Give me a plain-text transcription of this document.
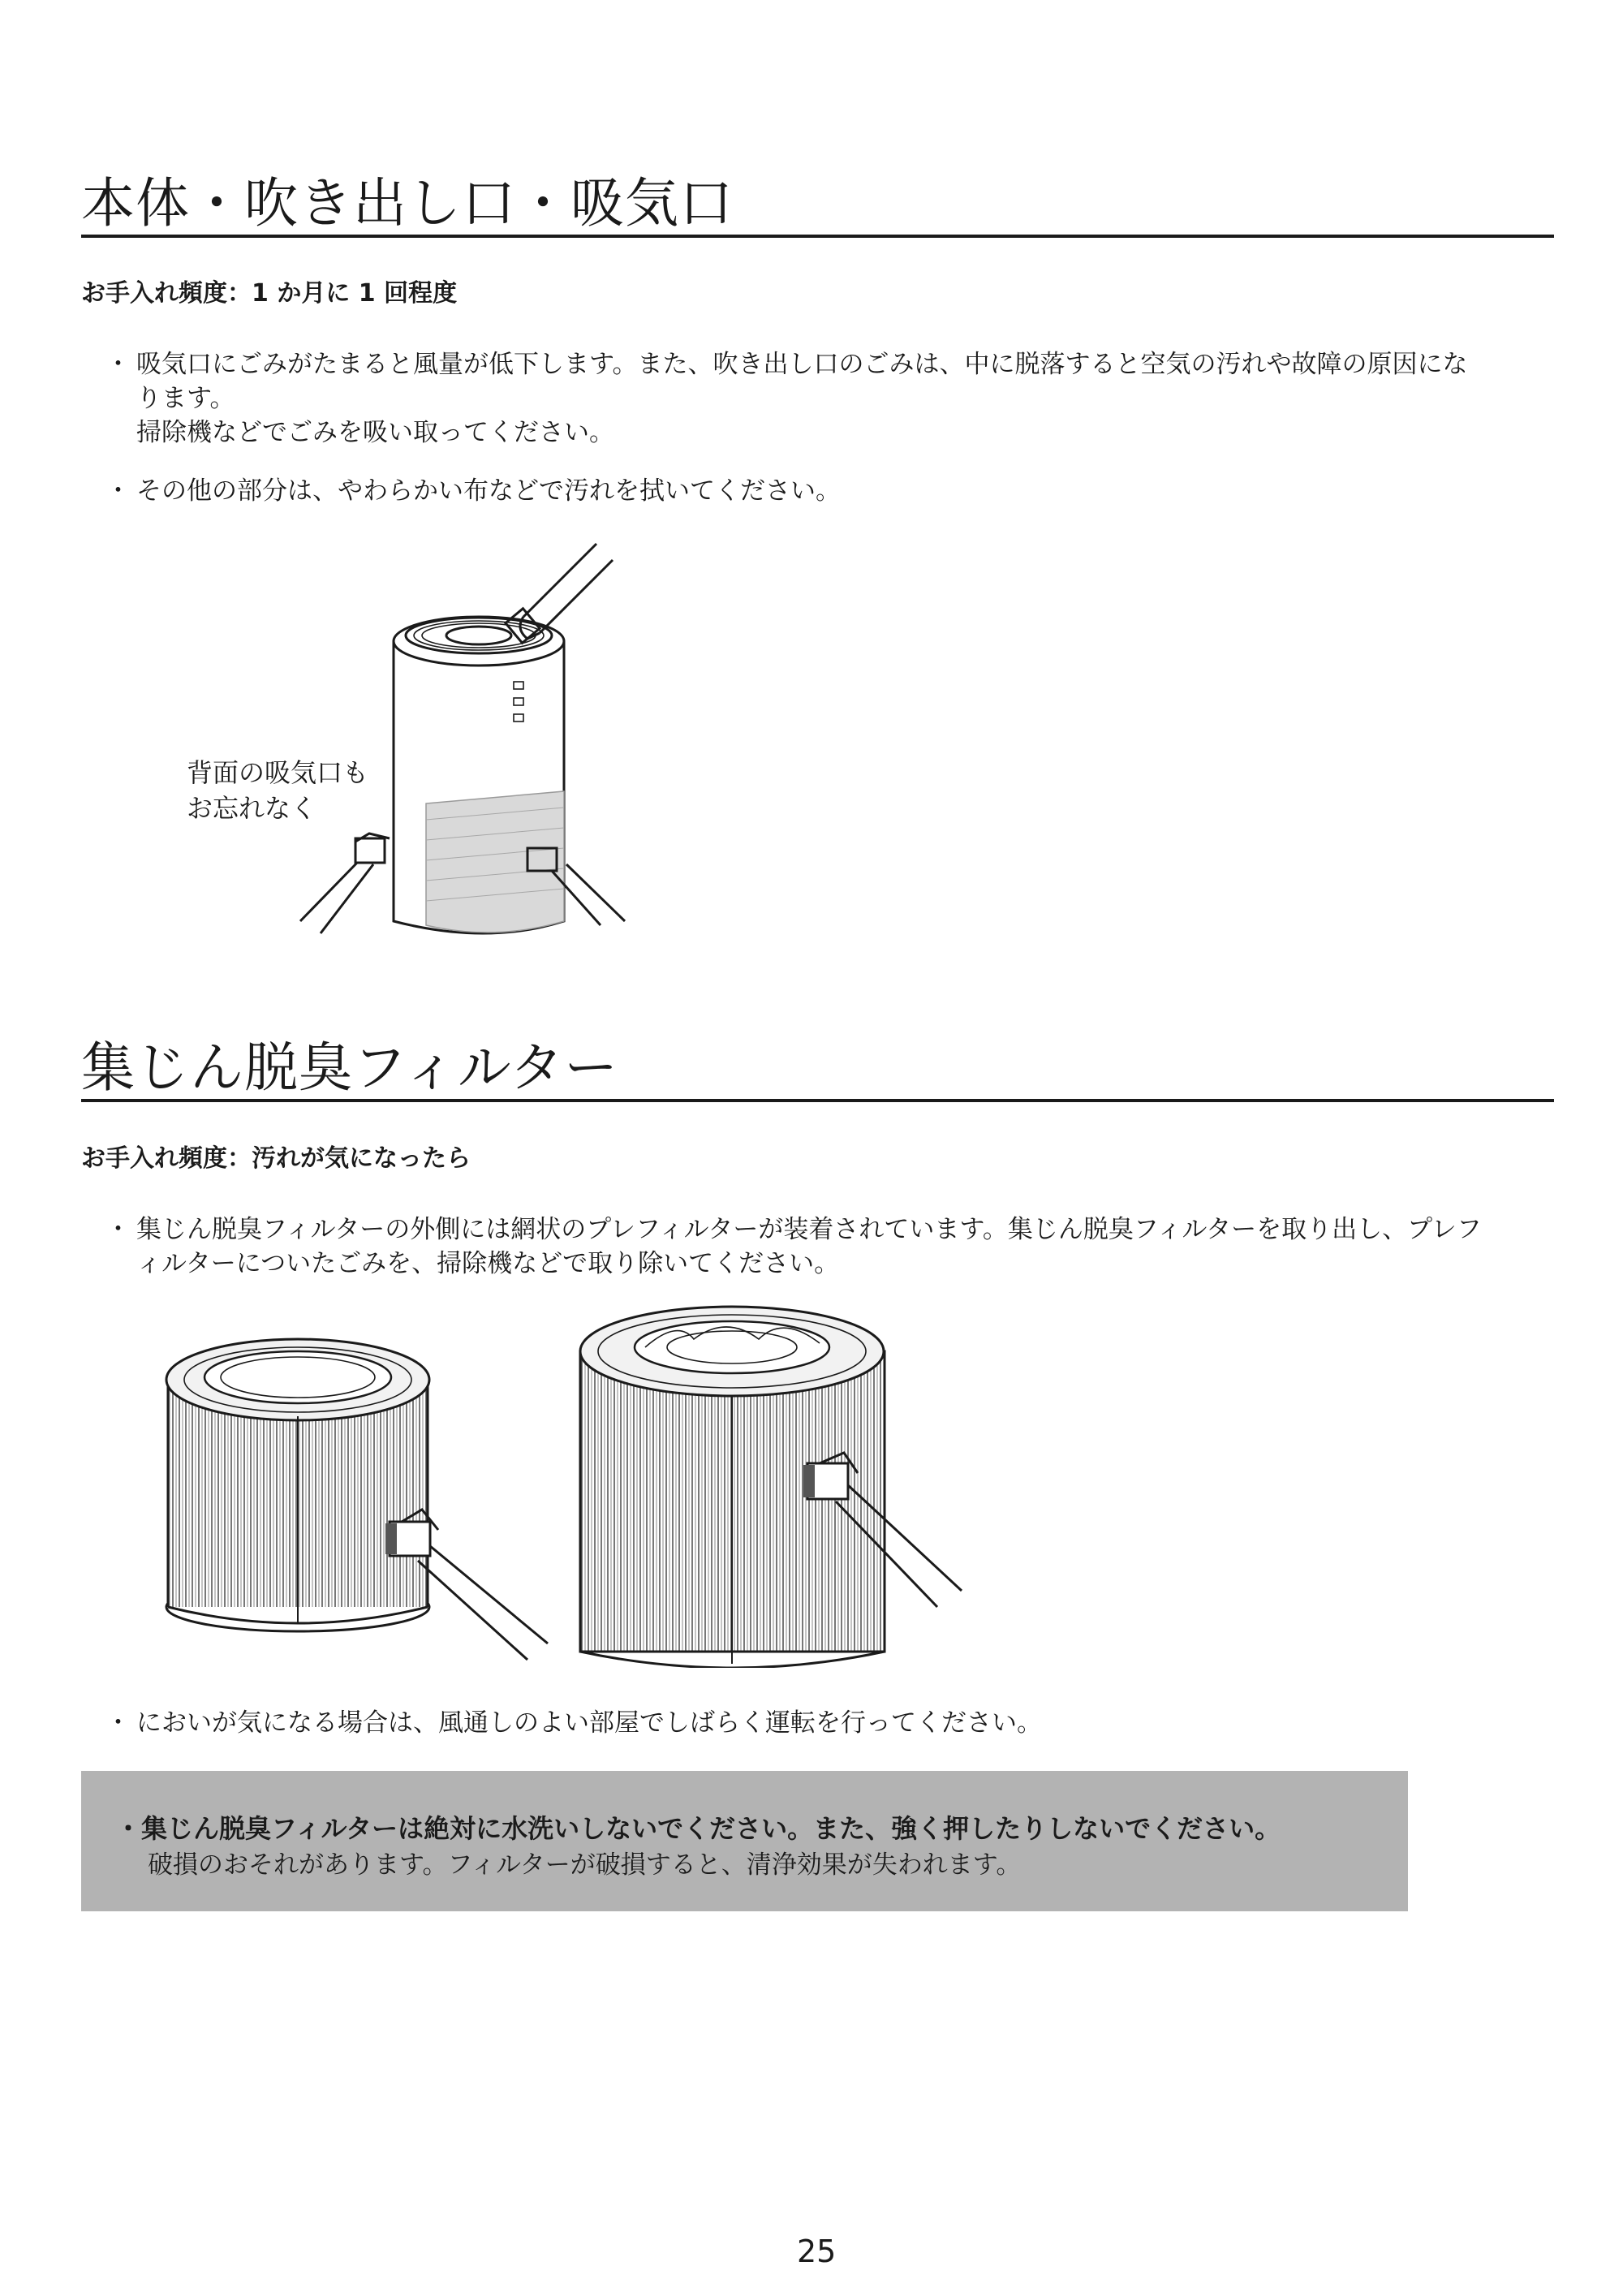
本体・吹き出し口・吸気口
お手入れ頻度：1 か月に 1 回程度
・ 吸気口にごみがたまると風量が低下します。また、吹き出し口のごみは、中に脱落すると空気の汚れや故障の原因にな
ります。
掃除機などでごみを吸い取ってください。
・ その他の部分は、やわらかい布などで汚れを拭いてください。
背面の吸気口も
お忘れなく
集じん脱臭フィルター
お手入れ頻度：汚れが気になったら
・ 集じん脱臭フィルターの外側には網状のプレフィルターが装着されています。集じん脱臭フィルターを取り出し、プレフ
ィルターについたごみを、掃除機などで取り除いてください。
・ においが気になる場合は、風通しのよい部屋でしばらく運転を行ってください。
・集じん脱臭フィルターは絶対に水洗いしないでください。また、強く押したりしないでください。
破損のおそれがあります。フィルターが破損すると、清浄効果が失われます。
25
